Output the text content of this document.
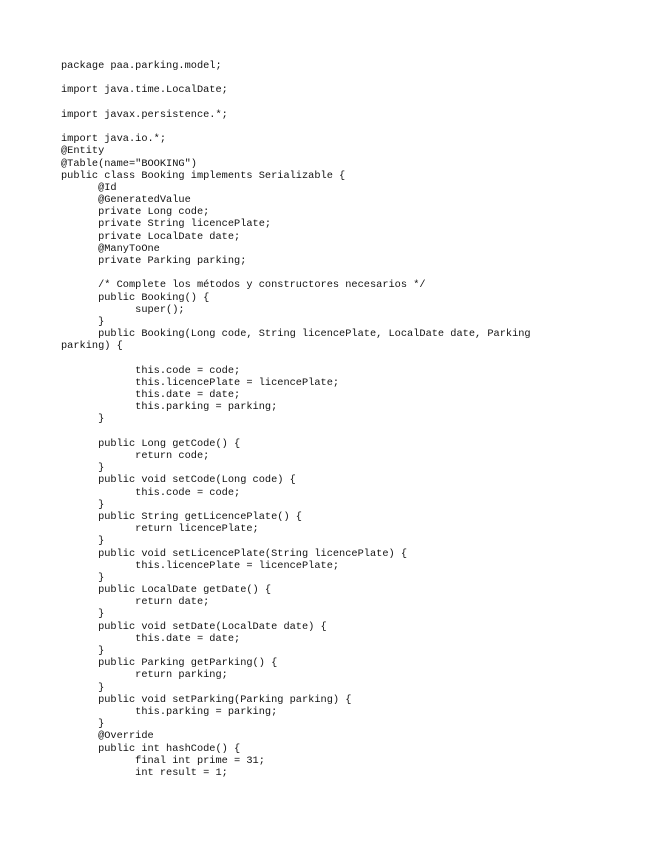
package paa.parking.model;
import java.time.LocalDate;
import javax.persistence.*;
import java.io.*;
@Entity
@Table(name="BOOKING")
public class Booking implements Serializable {
@Id
@GeneratedValue
private Long code;
private String licencePlate;
private LocalDate date;
@ManyToOne
private Parking parking;
/* Complete los métodos y constructores necesarios */
public Booking() {
super();
}
public Booking(Long code, String licencePlate, LocalDate date, Parking
parking) {
this.code = code;
this.licencePlate = licencePlate;
this.date = date;
this.parking = parking;
}
public Long getCode() {
return code;
}
public void setCode(Long code) {
this.code = code;
}
public String getLicencePlate() {
return licencePlate;
}
public void setLicencePlate(String licencePlate) {
this.licencePlate = licencePlate;
}
public LocalDate getDate() {
return date;
}
public void setDate(LocalDate date) {
this.date = date;
}
public Parking getParking() {
return parking;
}
public void setParking(Parking parking) {
this.parking = parking;
}
@Override
public int hashCode() {
final int prime = 31;
int result = 1;
